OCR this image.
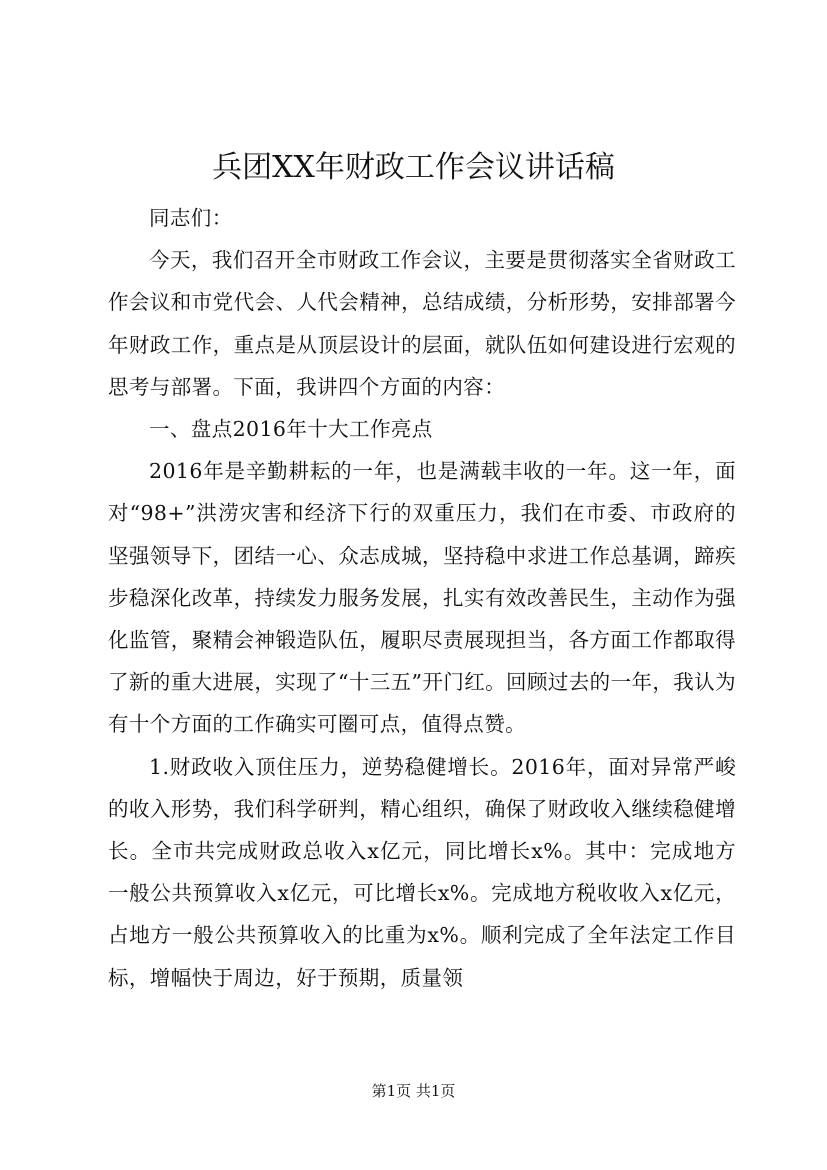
兵团XX年财政工作会议讲话稿

同志们：

今天，我们召开全市财政工作会议，主要是贯彻落实全省财政工作会议和市党代会、人代会精神，总结成绩，分析形势，安排部署今年财政工作，重点是从顶层设计的层面，就队伍如何建设进行宏观的思考与部署。下面，我讲四个方面的内容：

一、盘点2016年十大工作亮点

2016年是辛勤耕耘的一年，也是满载丰收的一年。这一年，面对“98+”洪涝灾害和经济下行的双重压力，我们在市委、市政府的坚强领导下，团结一心、众志成城，坚持稳中求进工作总基调，蹄疾步稳深化改革，持续发力服务发展，扎实有效改善民生，主动作为强化监管，聚精会神锻造队伍，履职尽责展现担当，各方面工作都取得了新的重大进展，实现了“十三五”开门红。回顾过去的一年，我认为有十个方面的工作确实可圈可点，值得点赞。

1.财政收入顶住压力，逆势稳健增长。2016年，面对异常严峻的收入形势，我们科学研判，精心组织，确保了财政收入继续稳健增长。全市共完成财政总收入x亿元，同比增长x%。其中：完成地方一般公共预算收入x亿元，可比增长x%。完成地方税收收入x亿元，占地方一般公共预算收入的比重为x%。顺利完成了全年法定工作目标，增幅快于周边，好于预期，质量领

第1页 共1页
